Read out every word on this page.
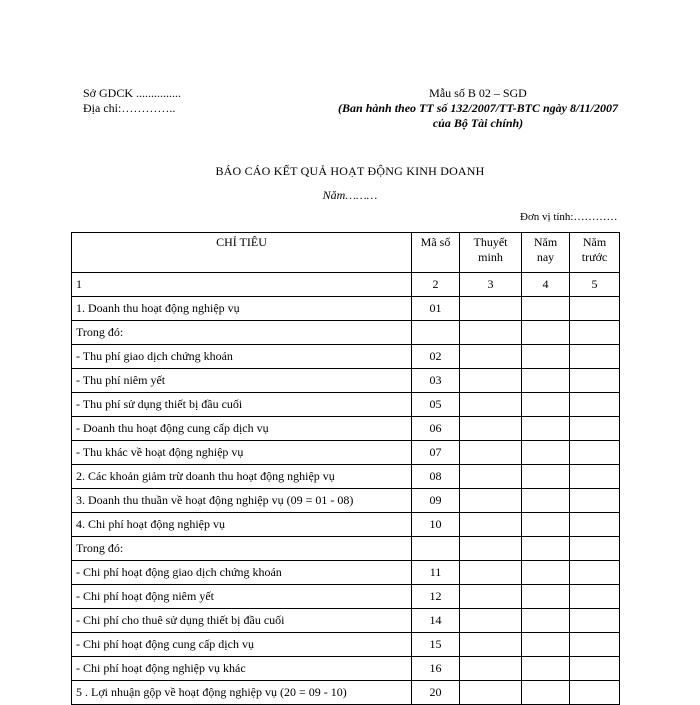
Sở GDCK ...............
Địa chỉ:…………..
Mẫu số B 02 – SGD
(Ban hành theo TT số 132/2007/TT-BTC ngày 8/11/2007
của Bộ Tài chính)
BÁO CÁO KẾT QUẢ HOẠT ĐỘNG KINH DOANH
Năm………
Đơn vị tính:…………
CHỈ TIÊU	Mã số	Thuyết minh	Năm nay	Năm trước
1	2	3	4	5
1. Doanh thu hoạt động nghiệp vụ	01			
Trong đó:				
- Thu phí giao dịch chứng khoán	02			
- Thu phí niêm yết	03			
- Thu phí sử dụng thiết bị đầu cuối	05			
- Doanh thu hoạt động cung cấp dịch vụ	06			
- Thu khác về hoạt động nghiệp vụ	07			
2. Các khoản giảm trừ doanh thu hoạt động nghiệp vụ	08			
3. Doanh thu thuần về hoạt động nghiệp vụ (09 = 01 - 08)	09			
4. Chi phí hoạt động nghiệp vụ	10			
Trong đó:				
- Chi phí hoạt động giao dịch chứng khoán	11			
- Chi phí hoạt động niêm yết	12			
- Chi phí cho thuê sử dụng thiết bị đầu cuối	14			
- Chi phí hoạt động cung cấp dịch vụ	15			
- Chi phí hoạt động nghiệp vụ khác	16			
5 . Lợi nhuận gộp về hoạt động nghiệp vụ (20 = 09 - 10)	20			
